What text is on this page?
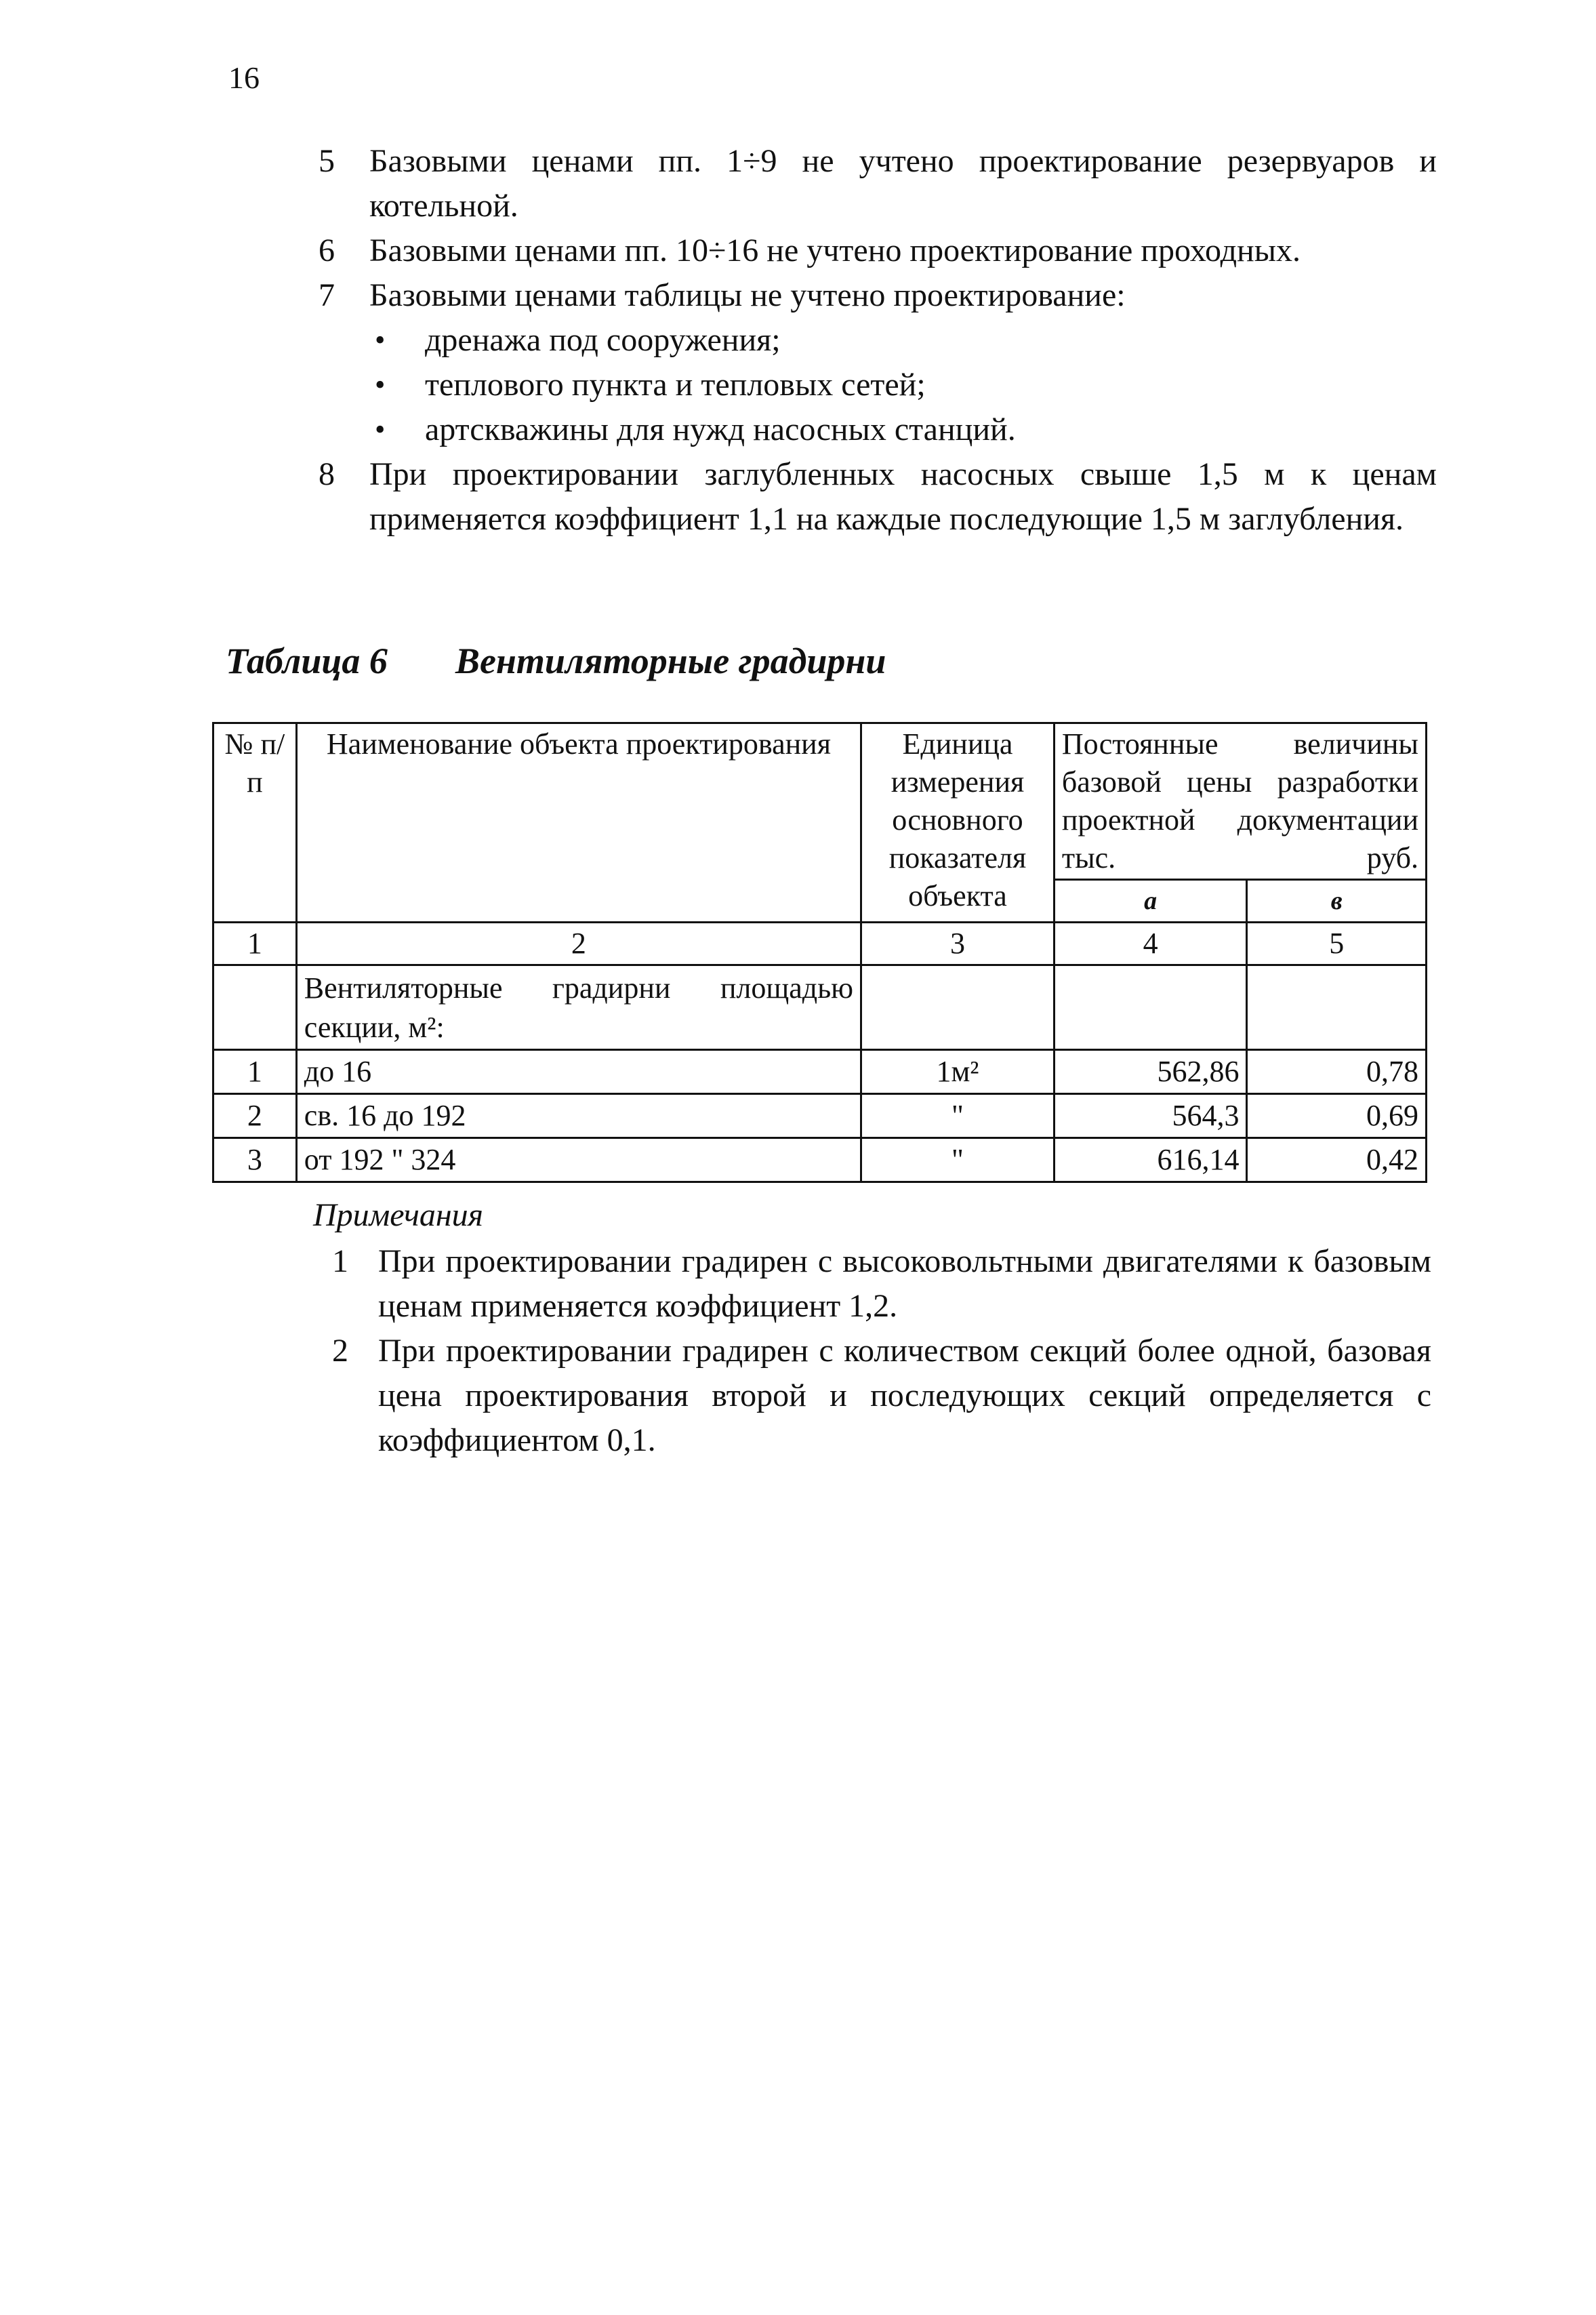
16
5 Базовыми ценами пп. 1÷9 не учтено проектирование резервуаров и котельной.
6 Базовыми ценами пп. 10÷16 не учтено проектирование проходных.
7 Базовыми ценами таблицы не учтено проектирование:
• дренажа под сооружения;
• теплового пункта и тепловых сетей;
• артскважины для нужд насосных станций.
8 При проектировании заглубленных насосных свыше 1,5 м к ценам применяется коэффициент 1,1 на каждые последующие 1,5 м заглубления.
Таблица 6 Вентиляторные градирни
№ п/п	Наименование объекта проектирования	Единица измерения основного показателя объекта	Постоянные величины базовой цены разработки проектной документации тыс. руб.	
			а	в
1	2	3	4	5
	Вентиляторные градирни площадью секции, м²:			
1	до 16	1м²	562,86	0,78
2	св. 16 до 192	"	564,3	0,69
3	от 192 " 324	"	616,14	0,42
Примечания
1 При проектировании градирен с высоковольтными двигателями к базовым ценам применяется коэффициент 1,2.
2 При проектировании градирен с количеством секций более одной, базовая цена проектирования второй и последующих секций определяется с коэффициентом 0,1.
